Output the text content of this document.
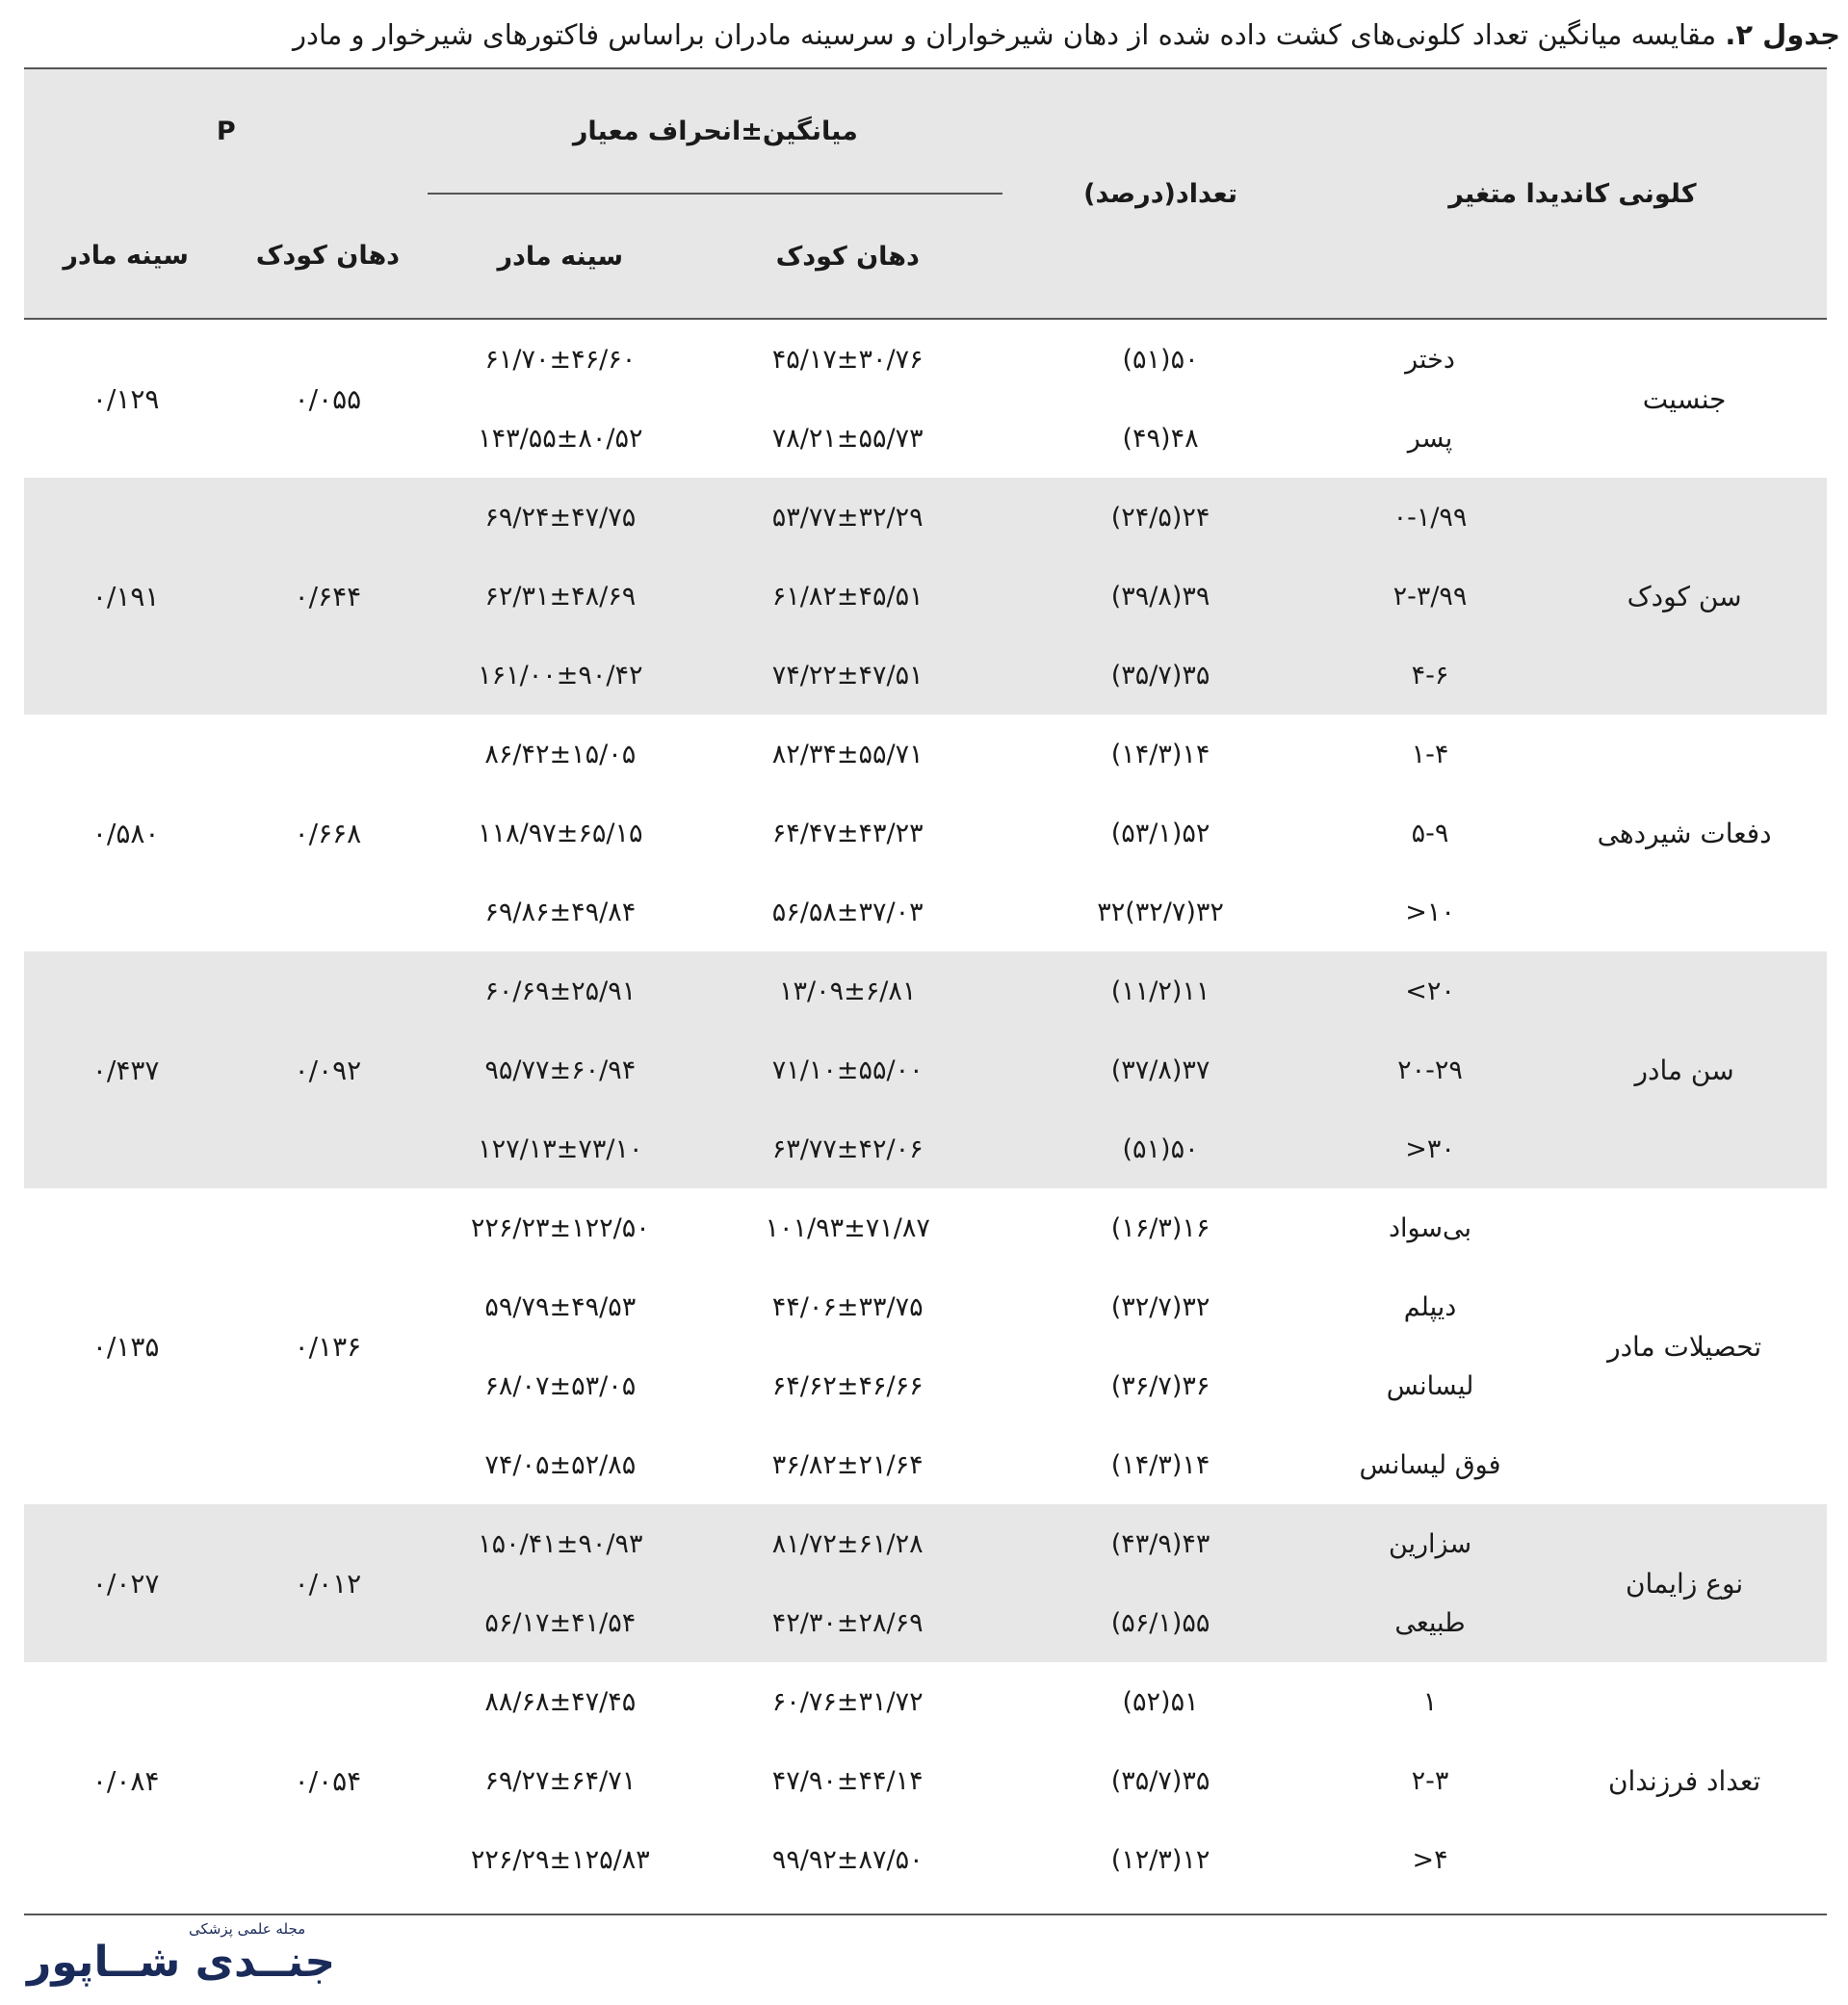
جدول ۲. مقایسه میانگین تعداد کلونی‌های کشت داده شده از دهان شیرخواران و سرسینه مادران براساس فاکتورهای شیرخوار و مادر
کلونی کاندیدا متغیر		تعداد(درصد)	میانگین±انحراف معیار		P	
			دهان کودک	سینه مادر	دهان کودک	سینه مادر
جنسیت	دختر	۵۰(۵۱)	۴۵/۱۷±۳۰/۷۶	۶۱/۷۰±۴۶/۶۰	۰/۰۵۵	۰/۱۲۹
	پسر	۴۸(۴۹)	۷۸/۲۱±۵۵/۷۳	۱۴۳/۵۵±۸۰/۵۲		
سن کودک	۰-۱/۹۹	۲۴(۲۴/۵)	۵۳/۷۷±۳۲/۲۹	۶۹/۲۴±۴۷/۷۵	۰/۶۴۴	۰/۱۹۱
	۲-۳/۹۹	۳۹(۳۹/۸)	۶۱/۸۲±۴۵/۵۱	۶۲/۳۱±۴۸/۶۹		
	۴-۶	۳۵(۳۵/۷)	۷۴/۲۲±۴۷/۵۱	۱۶۱/۰۰±۹۰/۴۲		
دفعات شیردهی	۱-۴	۱۴(۱۴/۳)	۸۲/۳۴±۵۵/۷۱	۸۶/۴۲±۱۵/۰۵	۰/۶۶۸	۰/۵۸۰
	۵-۹	۵۲(۵۳/۱)	۶۴/۴۷±۴۳/۲۳	۱۱۸/۹۷±۶۵/۱۵		
	۱۰<	۳۲(۳۲/۷)۳۲	۵۶/۵۸±۳۷/۰۳	۶۹/۸۶±۴۹/۸۴		
سن مادر	۲۰>	۱۱(۱۱/۲)	۱۳/۰۹±۶/۸۱	۶۰/۶۹±۲۵/۹۱	۰/۰۹۲	۰/۴۳۷
	۲۰-۲۹	۳۷(۳۷/۸)	۷۱/۱۰±۵۵/۰۰	۹۵/۷۷±۶۰/۹۴		
	۳۰<	۵۰(۵۱)	۶۳/۷۷±۴۲/۰۶	۱۲۷/۱۳±۷۳/۱۰		
تحصیلات مادر	بی‌سواد	۱۶(۱۶/۳)	۱۰۱/۹۳±۷۱/۸۷	۲۲۶/۲۳±۱۲۲/۵۰	۰/۱۳۶	۰/۱۳۵
	دیپلم	۳۲(۳۲/۷)	۴۴/۰۶±۳۳/۷۵	۵۹/۷۹±۴۹/۵۳		
	لیسانس	۳۶(۳۶/۷)	۶۴/۶۲±۴۶/۶۶	۶۸/۰۷±۵۳/۰۵		
	فوق لیسانس	۱۴(۱۴/۳)	۳۶/۸۲±۲۱/۶۴	۷۴/۰۵±۵۲/۸۵		
نوع زایمان	سزارین	۴۳(۴۳/۹)	۸۱/۷۲±۶۱/۲۸	۱۵۰/۴۱±۹۰/۹۳	۰/۰۱۲	۰/۰۲۷
	طبیعی	۵۵(۵۶/۱)	۴۲/۳۰±۲۸/۶۹	۵۶/۱۷±۴۱/۵۴		
تعداد فرزندان	۱	۵۱(۵۲)	۶۰/۷۶±۳۱/۷۲	۸۸/۶۸±۴۷/۴۵	۰/۰۵۴	۰/۰۸۴
	۲-۳	۳۵(۳۵/۷)	۴۷/۹۰±۴۴/۱۴	۶۹/۲۷±۶۴/۷۱		
	۴<	۱۲(۱۲/۳)	۹۹/۹۲±۸۷/۵۰	۲۲۶/۲۹±۱۲۵/۸۳		
مجله علمی پزشکی
جنــدی شــاپور
